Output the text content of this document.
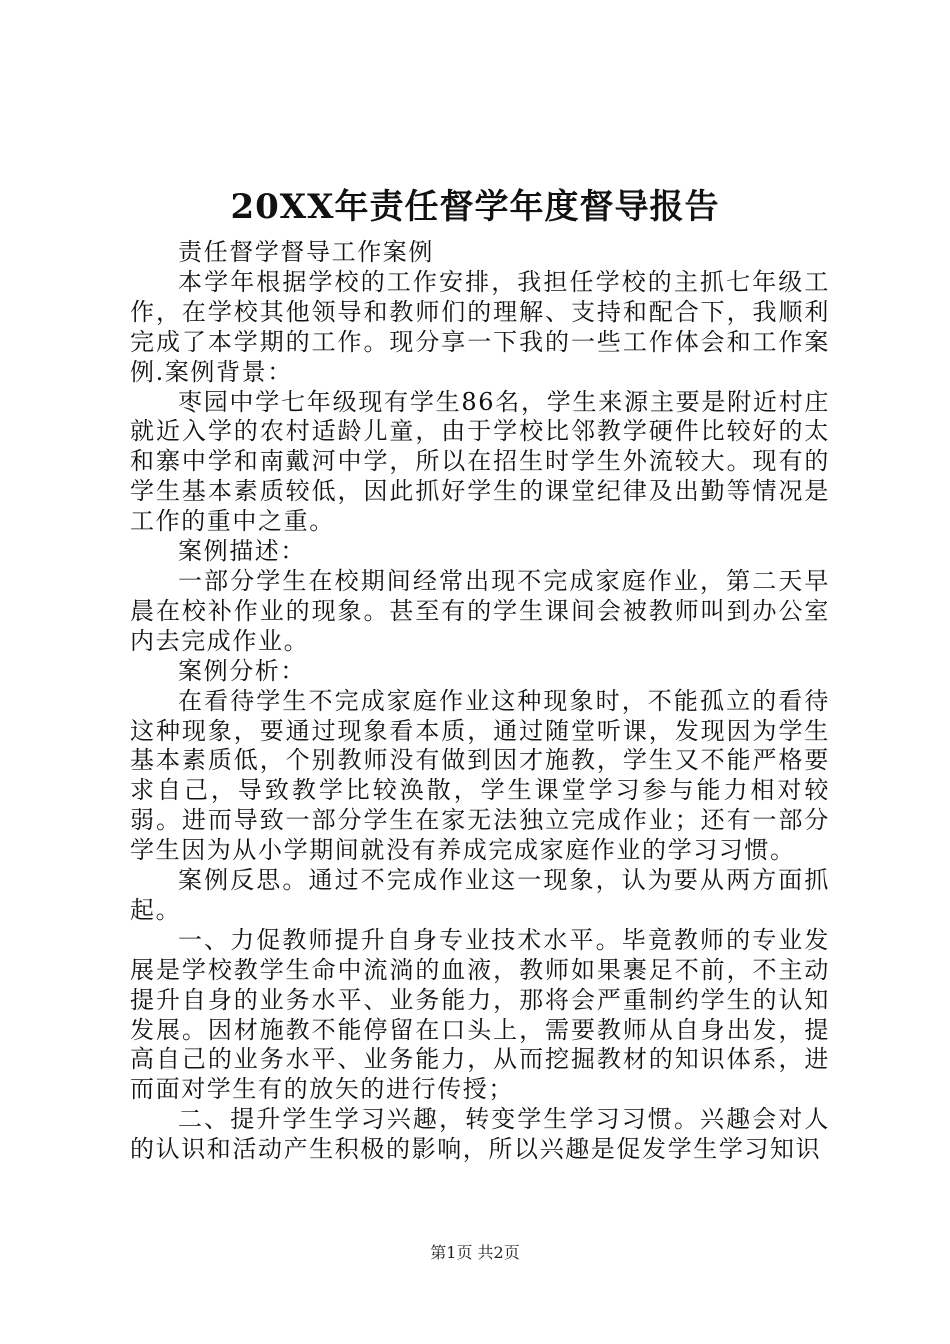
20XX年责任督学年度督导报告

责任督学督导工作案例

本学年根据学校的工作安排，我担任学校的主抓七年级工作，在学校其他领导和教师们的理解、支持和配合下，我顺利完成了本学期的工作。现分享一下我的一些工作体会和工作案例.案例背景：

枣园中学七年级现有学生86名，学生来源主要是附近村庄就近入学的农村适龄儿童，由于学校比邻教学硬件比较好的太和寨中学和南戴河中学，所以在招生时学生外流较大。现有的学生基本素质较低，因此抓好学生的课堂纪律及出勤等情况是工作的重中之重。

案例描述：

一部分学生在校期间经常出现不完成家庭作业，第二天早晨在校补作业的现象。甚至有的学生课间会被教师叫到办公室内去完成作业。

案例分析：

在看待学生不完成家庭作业这种现象时，不能孤立的看待这种现象，要通过现象看本质，通过随堂听课，发现因为学生基本素质低，个别教师没有做到因才施教，学生又不能严格要求自己，导致教学比较涣散，学生课堂学习参与能力相对较弱。进而导致一部分学生在家无法独立完成作业；还有一部分学生因为从小学期间就没有养成完成家庭作业的学习习惯。

案例反思。通过不完成作业这一现象，认为要从两方面抓起。

一、力促教师提升自身专业技术水平。毕竟教师的专业发展是学校教学生命中流淌的血液，教师如果裹足不前，不主动提升自身的业务水平、业务能力，那将会严重制约学生的认知发展。因材施教不能停留在口头上，需要教师从自身出发，提高自己的业务水平、业务能力，从而挖掘教材的知识体系，进而面对学生有的放矢的进行传授；

二、提升学生学习兴趣，转变学生学习习惯。兴趣会对人的认识和活动产生积极的影响，所以兴趣是促发学生学习知识

第1页 共2页
